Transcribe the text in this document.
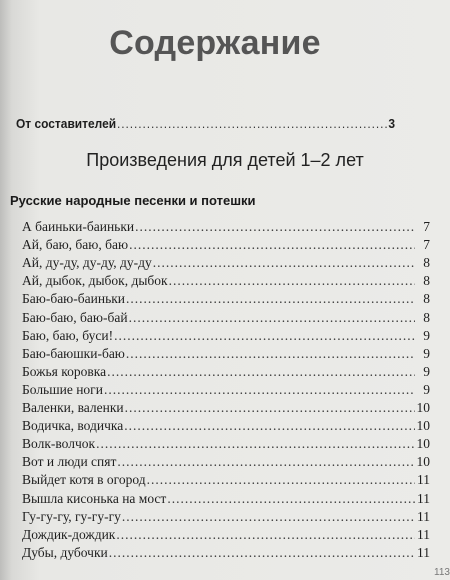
Содержание
От составителей .....	3
Произведения для детей 1–2 лет
Русские народные песенки и потешки
А баиньки-баиньки .....	7
Ай, баю, баю, баю .....	7
Ай, ду-ду, ду-ду, ду-ду .....	8
Ай, дыбок, дыбок, дыбок .....	8
Баю-баю-баиньки .....	8
Баю-баю, баю-бай .....	8
Баю, баю, буси! .....	9
Баю-баюшки-баю .....	9
Божья коровка .....	9
Большие ноги .....	9
Валенки, валенки .....	10
Водичка, водичка .....	10
Волк-волчок .....	10
Вот и люди спят .....	10
Выйдет котя в огород .....	11
Вышла кисонька на мост .....	11
Гу-гу-гу, гу-гу-гу .....	11
Дождик-дождик .....	11
Дубы, дубочки .....	11
113
